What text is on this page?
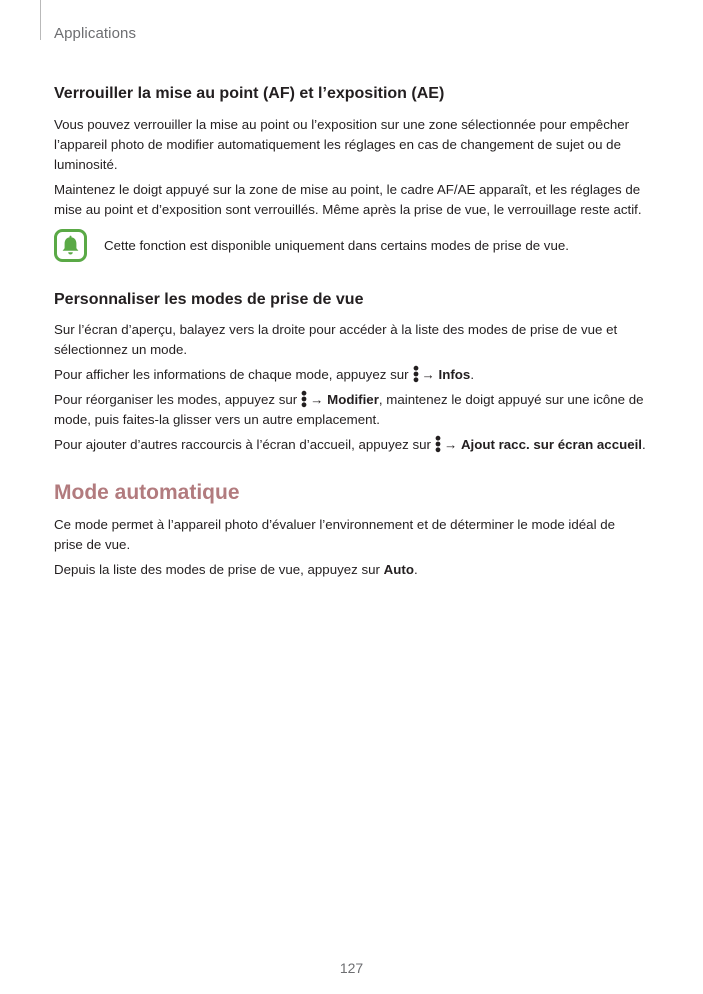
Applications
Verrouiller la mise au point (AF) et l’exposition (AE)

Vous pouvez verrouiller la mise au point ou l’exposition sur une zone sélectionnée pour empêcher l’appareil photo de modifier automatiquement les réglages en cas de changement de sujet ou de luminosité.

Maintenez le doigt appuyé sur la zone de mise au point, le cadre AF/AE apparaît, et les réglages de mise au point et d’exposition sont verrouillés. Même après la prise de vue, le verrouillage reste actif.

Cette fonction est disponible uniquement dans certains modes de prise de vue.
Personnaliser les modes de prise de vue

Sur l’écran d’aperçu, balayez vers la droite pour accéder à la liste des modes de prise de vue et sélectionnez un mode.

Pour afficher les informations de chaque mode, appuyez sur → Infos.

Pour réorganiser les modes, appuyez sur → Modifier, maintenez le doigt appuyé sur une icône de mode, puis faites-la glisser vers un autre emplacement.

Pour ajouter d’autres raccourcis à l’écran d’accueil, appuyez sur → Ajout racc. sur écran accueil.

Mode automatique

Ce mode permet à l’appareil photo d’évaluer l’environnement et de déterminer le mode idéal de prise de vue.

Depuis la liste des modes de prise de vue, appuyez sur Auto.

127
